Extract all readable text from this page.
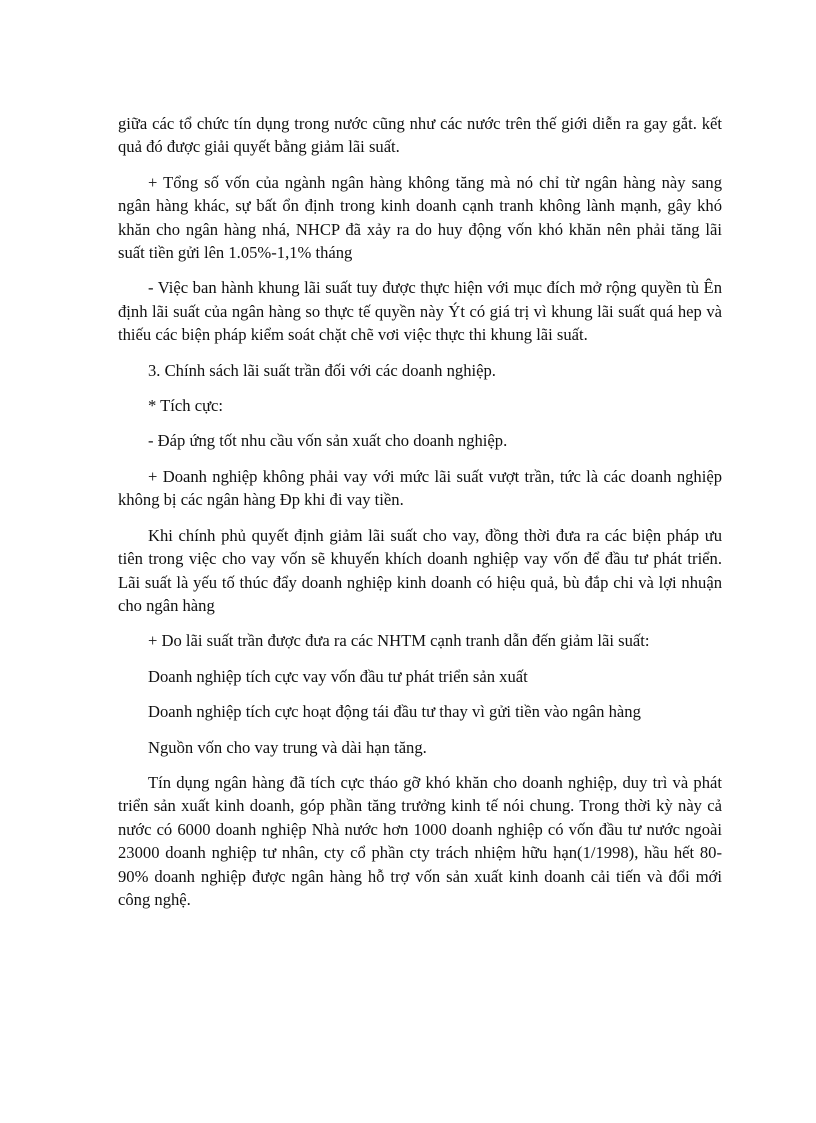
giữa các tổ chức tín dụng trong nước cũng như các nước trên thế giới diễn ra gay gắt. kết quả đó được giải quyết bằng giảm lãi suất.

+ Tổng số vốn của ngành ngân hàng không tăng mà nó chỉ từ ngân hàng này sang ngân hàng khác, sự bất ổn định trong kinh doanh cạnh tranh không lành mạnh, gây khó khăn cho ngân hàng nhá, NHCP đã xảy ra do huy động vốn khó khăn nên phải tăng lãi suất tiền gửi lên 1.05%-1,1% tháng

- Việc ban hành khung lãi suất tuy được thực hiện với mục đích mở rộng quyền tù Ên định lãi suất của ngân hàng so thực tế quyền này Ýt có giá trị vì khung lãi suất quá hep và thiếu các biện pháp kiểm soát chặt chẽ vơi việc thực thi khung lãi suất.

3. Chính sách lãi suất trần đối với các doanh nghiệp.

* Tích cực:

- Đáp ứng tốt nhu cầu vốn sản xuất cho doanh nghiệp.

+ Doanh nghiệp không phải vay với mức lãi suất vượt trần, tức là các doanh nghiệp không bị các ngân hàng Đp khi đi vay tiền.

Khi chính phủ quyết định giảm lãi suất cho vay, đồng thời đưa ra các biện pháp ưu tiên trong việc cho vay vốn sẽ khuyến khích doanh nghiệp vay vốn để đầu tư phát triển. Lãi suất là yếu tố thúc đẩy doanh nghiệp kinh doanh có hiệu quả, bù đắp chi và lợi nhuận cho ngân hàng

+ Do lãi suất trần được đưa ra các NHTM cạnh tranh dẫn đến giảm lãi suất:

Doanh nghiệp tích cực vay vốn đầu tư phát triển sản xuất

Doanh nghiệp tích cực hoạt động tái đầu tư thay vì gửi tiền vào ngân hàng

Nguồn vốn cho vay trung và dài hạn tăng.

Tín dụng ngân hàng đã tích cực tháo gỡ khó khăn cho doanh nghiệp, duy trì và phát triển sản xuất kinh doanh, góp phần tăng trưởng kinh tế nói chung. Trong thời kỳ này cả nước có 6000 doanh nghiệp Nhà nước hơn 1000 doanh nghiệp có vốn đầu tư nước ngoài 23000 doanh nghiệp tư nhân, cty cổ phần cty trách nhiệm hữu hạn(1/1998), hầu hết 80-90% doanh nghiệp được ngân hàng hỗ trợ vốn sản xuất kinh doanh cải tiến và đổi mới công nghệ.
